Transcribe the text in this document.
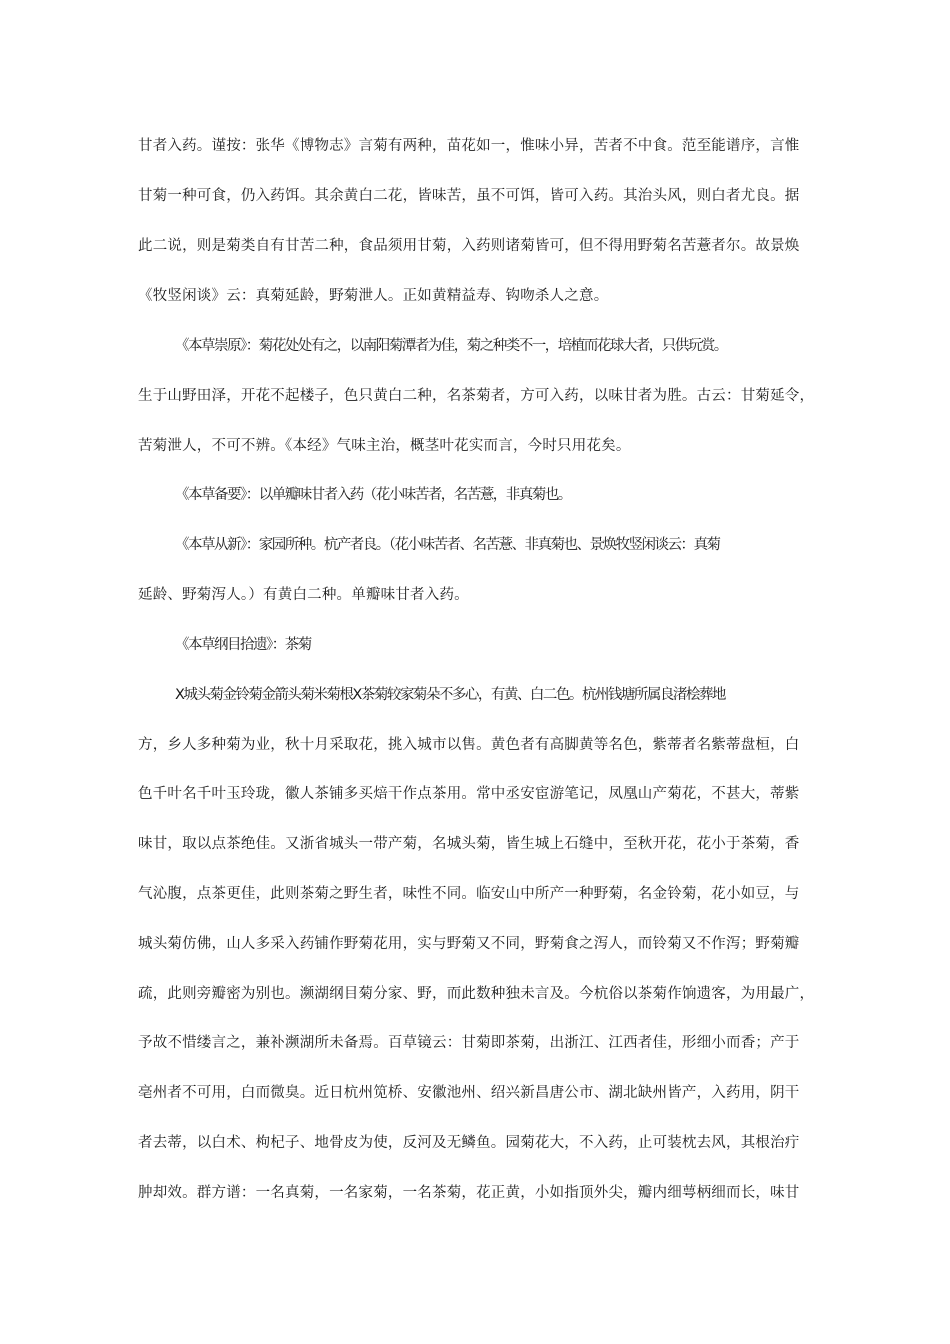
甘者入药。谨按：张华《博物志》言菊有两种，苗花如一，惟味小异，苦者不中食。范至能谱序，言惟
甘菊一种可食，仍入药饵。其余黄白二花，皆味苦，虽不可饵，皆可入药。其治头风，则白者尤良。据
此二说，则是菊类自有甘苦二种，食品须用甘菊，入药则诸菊皆可，但不得用野菊名苦薏者尔。故景焕
《牧竖闲谈》云：真菊延龄，野菊泄人。正如黄精益寿、钩吻杀人之意。
《本草崇原》：菊花处处有之，以南阳菊潭者为佳，菊之种类不一，培植而花球大者，只供玩赏。
生于山野田泽，开花不起楼子，色只黄白二种，名茶菊者，方可入药，以味甘者为胜。古云：甘菊延令，
苦菊泄人，不可不辨。《本经》气味主治，概茎叶花实而言，今时只用花矣。
《本草备要》：以单瓣味甘者入药（花小味苦者，名苦薏，非真菊也。
《本草从新》：家园所种。杭产者良。（花小味苦者、名苦薏、非真菊也、景焕牧竖闲谈云：真菊
延龄、野菊泻人。）有黄白二种。单瓣味甘者入药。
《本草纲目拾遗》：茶菊
X城头菊金铃菊金箭头菊米菊根X茶菊较家菊朵不多心，有黄、白二色。杭州钱塘所属良渚桧葬地
方，乡人多种菊为业，秋十月采取花，挑入城市以售。黄色者有高脚黄等名色，紫蒂者名紫蒂盘桓，白
色千叶名千叶玉玲珑，徽人茶铺多买焙干作点茶用。常中丞安宦游笔记，凤凰山产菊花，不甚大，蒂紫
味甘，取以点茶绝佳。又浙省城头一带产菊，名城头菊，皆生城上石缝中，至秋开花，花小于茶菊，香
气沁腹，点茶更佳，此则茶菊之野生者，味性不同。临安山中所产一种野菊，名金铃菊，花小如豆，与
城头菊仿佛，山人多采入药铺作野菊花用，实与野菊又不同，野菊食之泻人，而铃菊又不作泻；野菊瓣
疏，此则旁瓣密为别也。濒湖纲目菊分家、野，而此数种独未言及。今杭俗以茶菊作饷遗客，为用最广，
予故不惜缕言之，兼补濒湖所未备焉。百草镜云：甘菊即茶菊，出浙江、江西者佳，形细小而香；产于
亳州者不可用，白而微臭。近日杭州笕桥、安徽池州、绍兴新昌唐公市、湖北缺州皆产，入药用，阴干
者去蒂，以白术、枸杞子、地骨皮为使，反河及无鳞鱼。园菊花大，不入药，止可装枕去风，其根治疔
肿却效。群方谱：一名真菊，一名家菊，一名茶菊，花正黄，小如指顶外尖，瓣内细萼柄细而长，味甘
